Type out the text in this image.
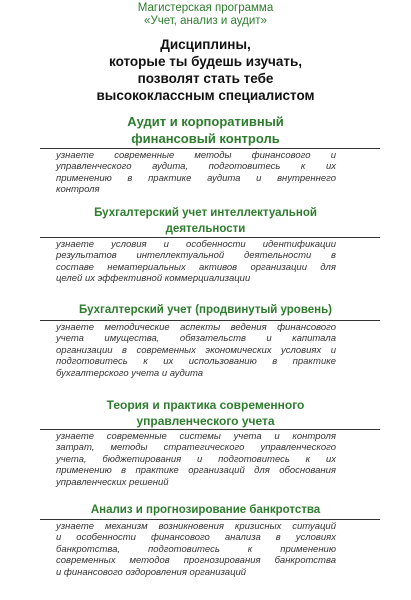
Магистерская программа
«Учет, анализ и аудит»
Дисциплины,
которые ты будешь изучать,
позволят стать тебе
высококлассным специалистом
Аудит и корпоративный
финансовый контроль
узнаете современные методы финансового и
управленческого аудита, подготовитесь к их
применению в практике аудита и внутреннего
контроля
Бухгалтерский учет интеллектуальной
деятельности
узнаете условия и особенности идентификации
результатов интеллектуальной деятельности в
составе нематериальных активов организации для
целей их эффективной коммерциализации
Бухгалтерский учет (продвинутый уровень)
узнаете методические аспекты ведения финансового
учета имущества, обязательств и капитала
организации в современных экономических условиях и
подготовитесь к их использованию в практике
бухгалтерского учета и аудита
Теория и практика современного
управленческого учета
узнаете современные системы учета и контроля
затрат, методы стратегического управленческого
учета, бюджетирования и подготовитесь к их
применению в практике организаций для обоснования
управленческих решений
Анализ и прогнозирование банкротства
узнаете механизм возникновения кризисных ситуаций
и особенности финансового анализа в условиях
банкротства, подготовитесь к применению
современных методов прогнозирования банкротства
и финансового оздоровления организаций
